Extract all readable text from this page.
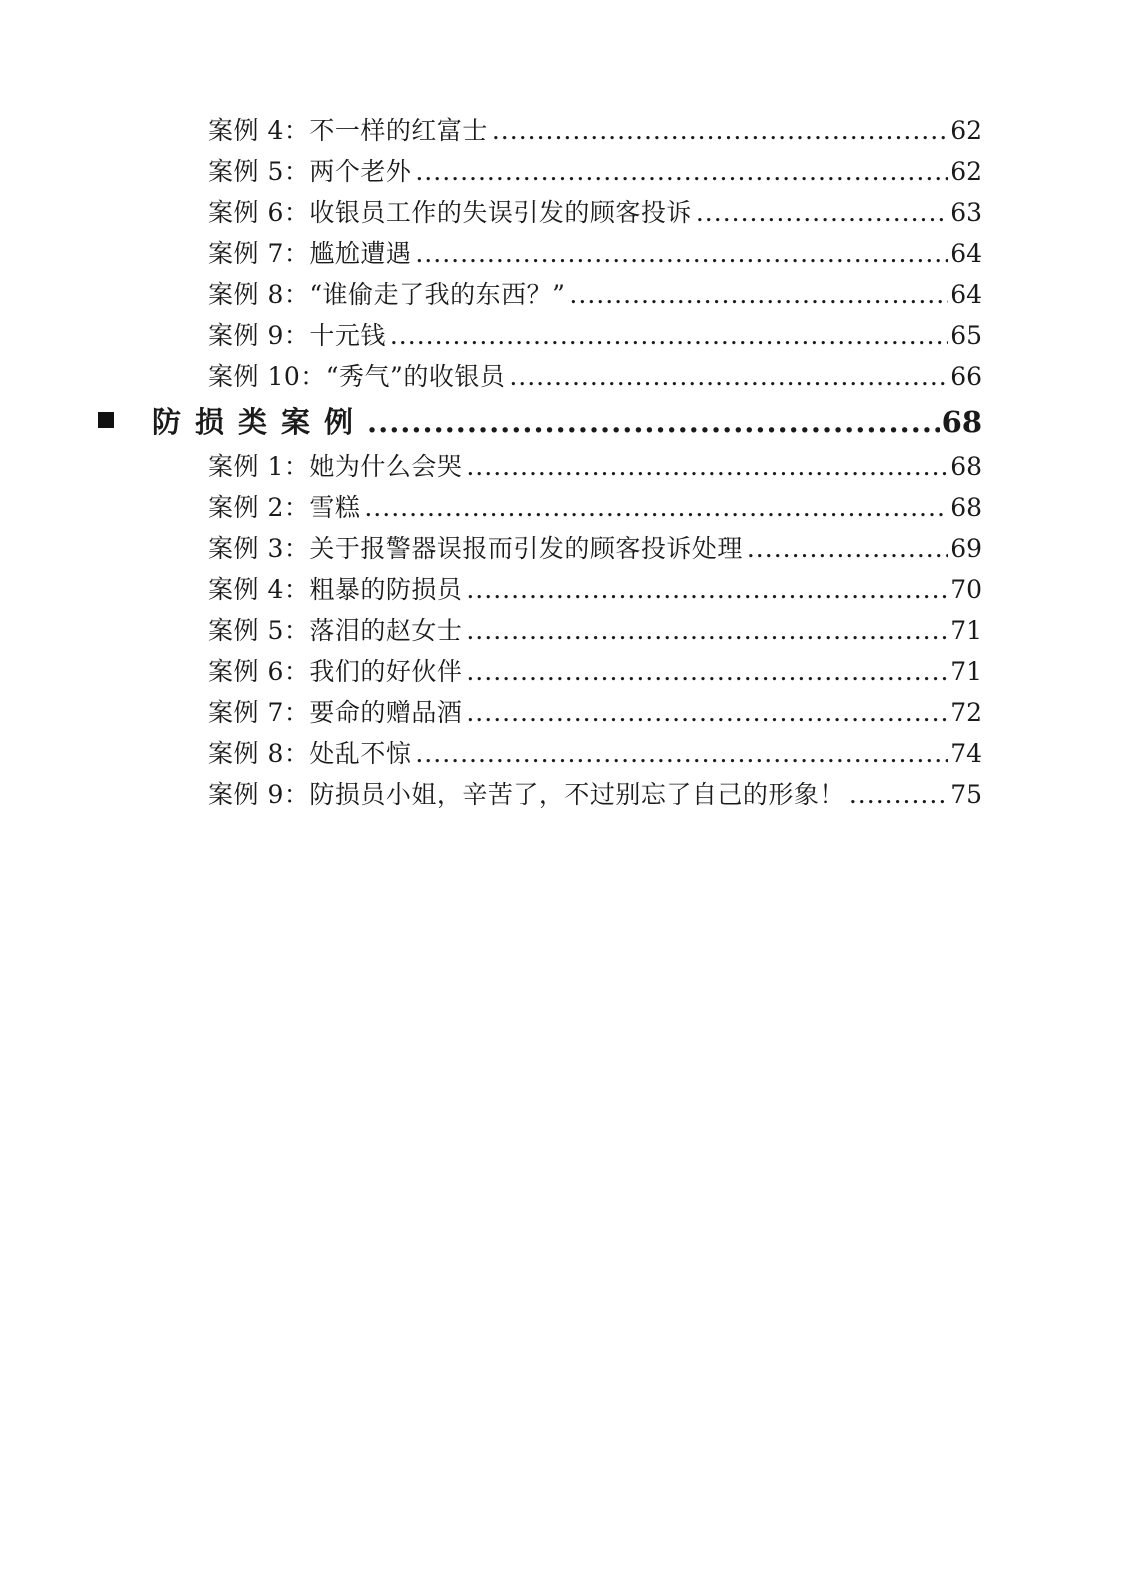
案例 4：不一样的红富士 .....	62
案例 5：两个老外 .....	62
案例 6：收银员工作的失误引发的顾客投诉 .....	63
案例 7：尴尬遭遇 .....	64
案例 8：“谁偷走了我的东西？” .....	64
案例 9：十元钱 .....	65
案例 10：“秀气”的收银员 .....	66
防损类案例 .....	68
案例 1：她为什么会哭 .....	68
案例 2：雪糕 .....	68
案例 3：关于报警器误报而引发的顾客投诉处理 .....	69
案例 4：粗暴的防损员 .....	70
案例 5：落泪的赵女士 .....	71
案例 6：我们的好伙伴 .....	71
案例 7：要命的赠品酒 .....	72
案例 8：处乱不惊 .....	74
案例 9：防损员小姐，辛苦了，不过别忘了自己的形象！ .....	75
